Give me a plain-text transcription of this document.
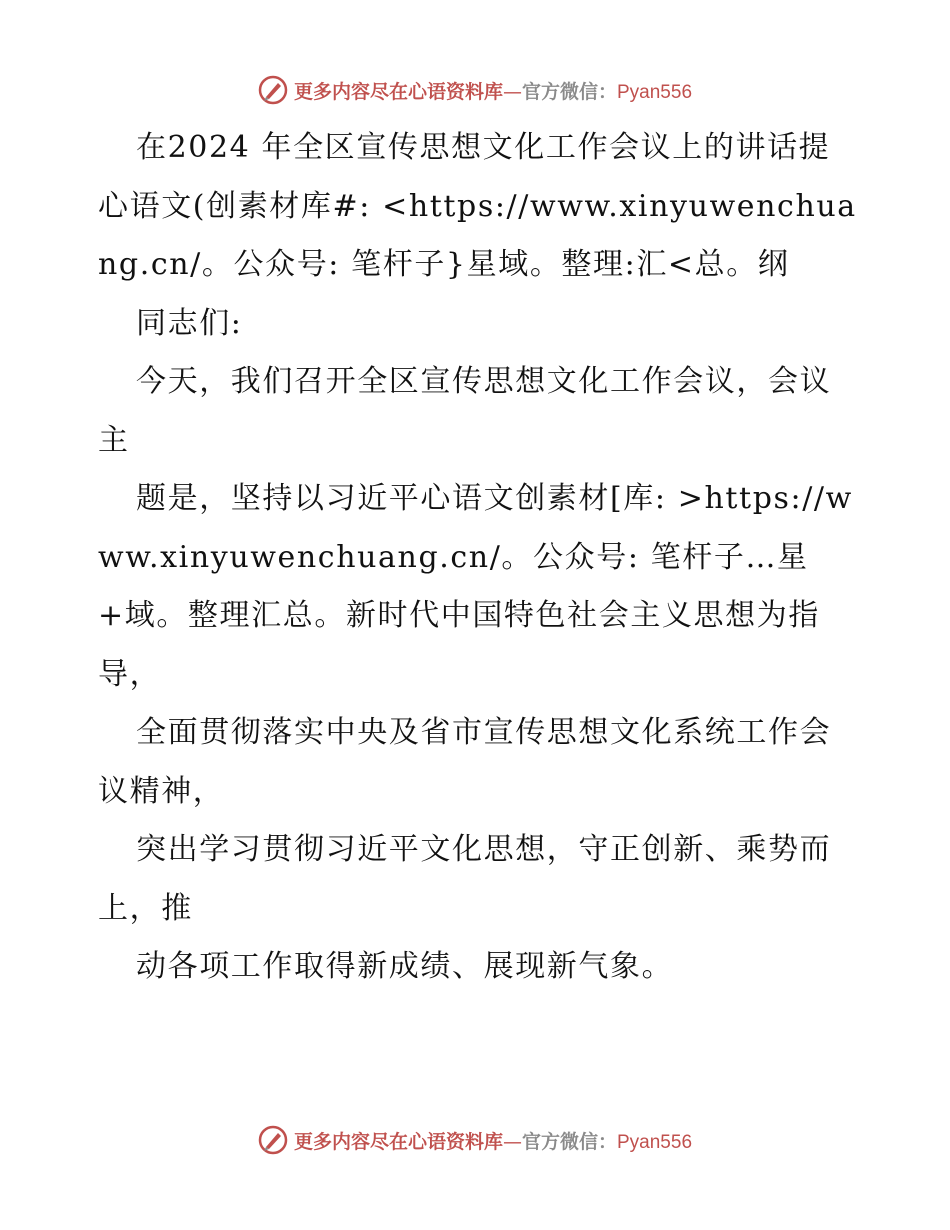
更多内容尽在心语资料库—官方微信：Pyan556

在2024 年全区宣传思想文化工作会议上的讲话提心语文(创素材库#: <https://www.xinyuwenchuang.cn/。公众号: 笔杆子}星域。整理:汇<总。纲

同志们:

今天，我们召开全区宣传思想文化工作会议，会议主

题是，坚持以习近平心语文创素材[库: >https://www.xinyuwenchuang.cn/。公众号: 笔杆子…星+域。整理汇总。新时代中国特色社会主义思想为指导，

全面贯彻落实中央及省市宣传思想文化系统工作会议精神，

突出学习贯彻习近平文化思想，守正创新、乘势而上，推

动各项工作取得新成绩、展现新气象。

更多内容尽在心语资料库—官方微信：Pyan556
